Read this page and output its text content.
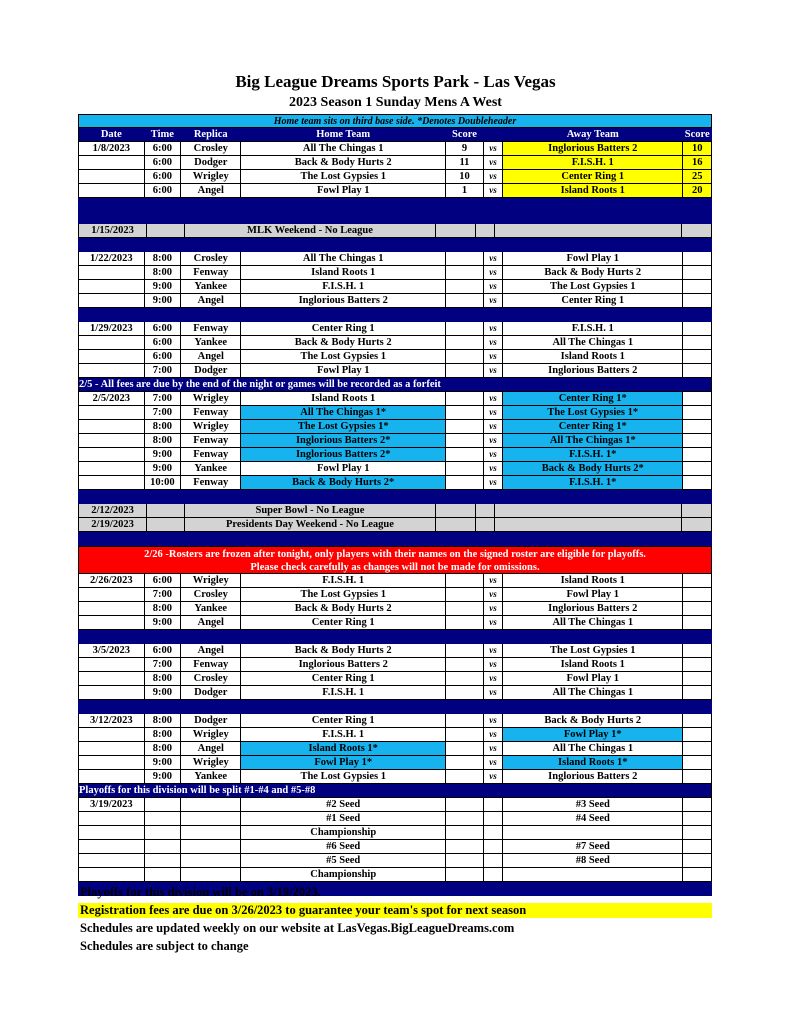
Big League Dreams Sports Park - Las Vegas
2023 Season 1 Sunday Mens A West
Home team sits on third base side. *Denotes Doubleheader
Date	Time	Replica	Home Team	Score	Away Team	Score
1/8/2023	6:00	Crosley	All The Chingas 1	9	vs	Inglorious Batters 2	10
6:00	Dodger	Back & Body Hurts 2	11	vs	F.I.S.H. 1	16
6:00	Wrigley	The Lost Gypsies 1	10	vs	Center Ring 1	25
6:00	Angel	Fowl Play 1	1	vs	Island Roots 1	20
1/15/2023	MLK Weekend - No League
1/22/2023	8:00	Crosley	All The Chingas 1	vs	Fowl Play 1
8:00	Fenway	Island Roots 1	vs	Back & Body Hurts 2
9:00	Yankee	F.I.S.H. 1	vs	The Lost Gypsies 1
9:00	Angel	Inglorious Batters 2	vs	Center Ring 1
1/29/2023	6:00	Fenway	Center Ring 1	vs	F.I.S.H. 1
6:00	Yankee	Back & Body Hurts 2	vs	All The Chingas 1
6:00	Angel	The Lost Gypsies 1	vs	Island Roots 1
7:00	Dodger	Fowl Play 1	vs	Inglorious Batters 2
2/5 - All fees are due by the end of the night or games will be recorded as a forfeit
2/5/2023	7:00	Wrigley	Island Roots 1	vs	Center Ring 1*
7:00	Fenway	All The Chingas 1*	vs	The Lost Gypsies 1*
8:00	Wrigley	The Lost Gypsies 1*	vs	Center Ring 1*
8:00	Fenway	Inglorious Batters 2*	vs	All The Chingas 1*
9:00	Fenway	Inglorious Batters 2*	vs	F.I.S.H. 1*
9:00	Yankee	Fowl Play 1	vs	Back & Body Hurts 2*
10:00	Fenway	Back & Body Hurts 2*	vs	F.I.S.H. 1*
2/12/2023	Super Bowl - No League
2/19/2023	Presidents Day Weekend - No League
2/26 -Rosters are frozen after tonight, only players with their names on the signed roster are eligible for playoffs.
Please check carefully as changes will not be made for omissions.
2/26/2023	6:00	Wrigley	F.I.S.H. 1	vs	Island Roots 1
7:00	Crosley	The Lost Gypsies 1	vs	Fowl Play 1
8:00	Yankee	Back & Body Hurts 2	vs	Inglorious Batters 2
9:00	Angel	Center Ring 1	vs	All The Chingas 1
3/5/2023	6:00	Angel	Back & Body Hurts 2	vs	The Lost Gypsies 1
7:00	Fenway	Inglorious Batters 2	vs	Island Roots 1
8:00	Crosley	Center Ring 1	vs	Fowl Play 1
9:00	Dodger	F.I.S.H. 1	vs	All The Chingas 1
3/12/2023	8:00	Dodger	Center Ring 1	vs	Back & Body Hurts 2
8:00	Wrigley	F.I.S.H. 1	vs	Fowl Play 1*
8:00	Angel	Island Roots 1*	vs	All The Chingas 1
9:00	Wrigley	Fowl Play 1*	vs	Island Roots 1*
9:00	Yankee	The Lost Gypsies 1	vs	Inglorious Batters 2
Playoffs for this division will be split #1-#4 and #5-#8
3/19/2023	#2 Seed	#3 Seed
#1 Seed	#4 Seed
Championship
#6 Seed	#7 Seed
#5 Seed	#8 Seed
Championship
Playoffs for this division will be on 3/19/2023.
Registration fees are due on 3/26/2023 to guarantee your team's spot for next season
Schedules are updated weekly on our website at LasVegas.BigLeagueDreams.com
Schedules are subject to change
